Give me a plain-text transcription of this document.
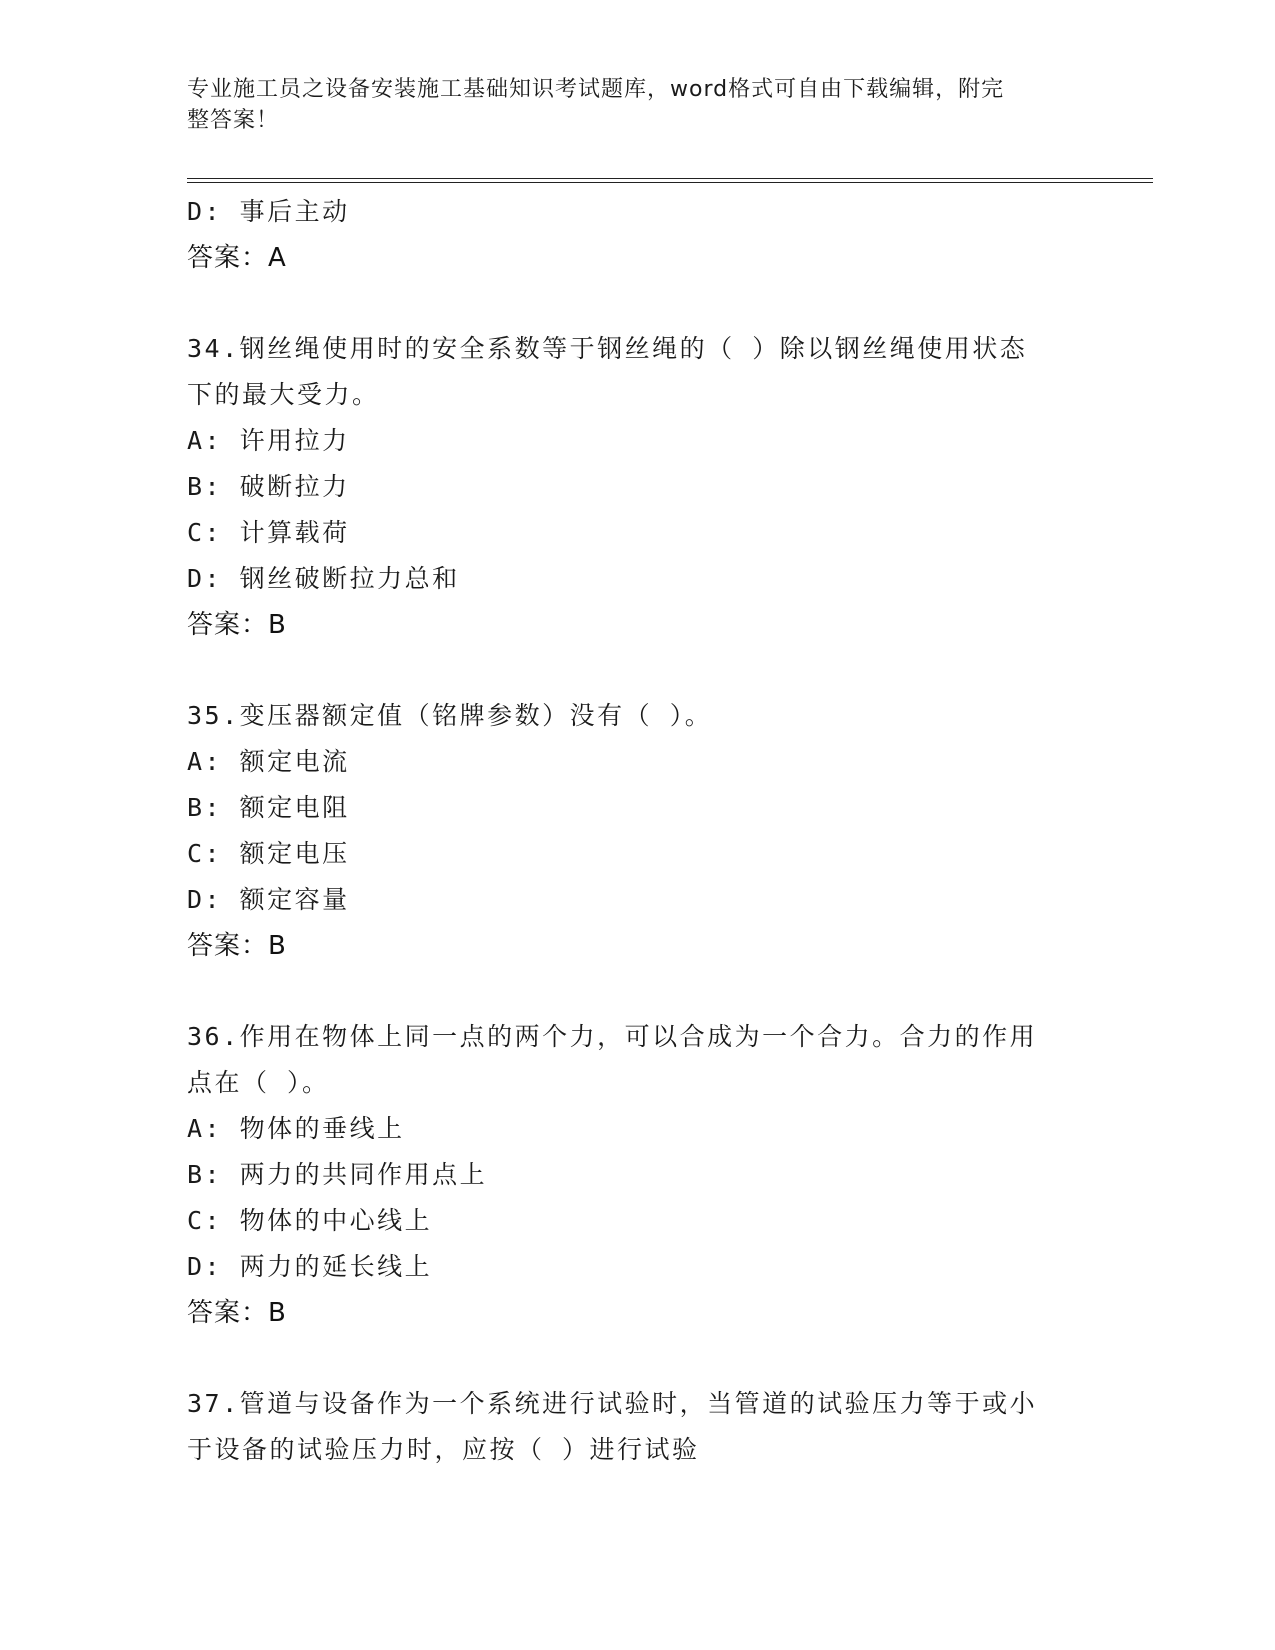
专业施工员之设备安装施工基础知识考试题库，word格式可自由下载编辑，附完
整答案！
D: 事后主动
答案：A
34.钢丝绳使用时的安全系数等于钢丝绳的（ ）除以钢丝绳使用状态
下的最大受力。
A: 许用拉力
B: 破断拉力
C: 计算载荷
D: 钢丝破断拉力总和
答案：B
35.变压器额定值（铭牌参数）没有（ ）。
A: 额定电流
B: 额定电阻
C: 额定电压
D: 额定容量
答案：B
36.作用在物体上同一点的两个力，可以合成为一个合力。合力的作用
点在（ ）。
A: 物体的垂线上
B: 两力的共同作用点上
C: 物体的中心线上
D: 两力的延长线上
答案：B
37.管道与设备作为一个系统进行试验时，当管道的试验压力等于或小
于设备的试验压力时，应按（ ）进行试验
